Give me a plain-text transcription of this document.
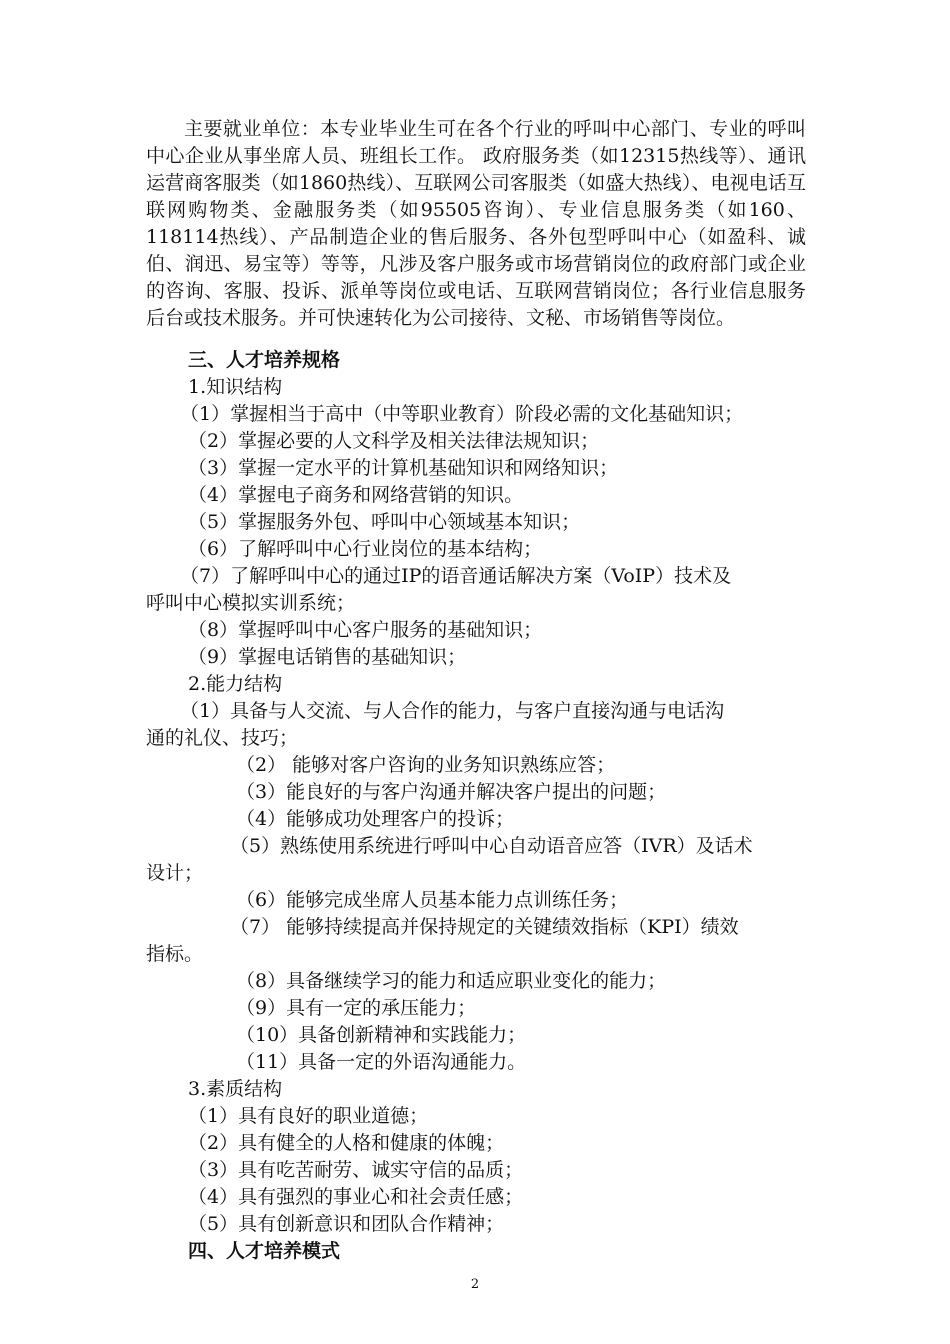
主要就业单位：本专业毕业生可在各个行业的呼叫中心部门、专业的呼叫中心企业从事坐席人员、班组长工作。 政府服务类（如12315热线等）、通讯运营商客服类（如1860热线）、互联网公司客服类（如盛大热线）、电视电话互联网购物类、金融服务类（如95505咨询）、专业信息服务类（如160、118114热线）、产品制造企业的售后服务、各外包型呼叫中心（如盈科、诚伯、润迅、易宝等）等等，凡涉及客户服务或市场营销岗位的政府部门或企业的咨询、客服、投诉、派单等岗位或电话、互联网营销岗位；各行业信息服务后台或技术服务。并可快速转化为公司接待、文秘、市场销售等岗位。
三、人才培养规格
1.知识结构
（1）掌握相当于高中（中等职业教育）阶段必需的文化基础知识；
（2）掌握必要的人文科学及相关法律法规知识；
（3）掌握一定水平的计算机基础知识和网络知识；
（4）掌握电子商务和网络营销的知识。
（5）掌握服务外包、呼叫中心领域基本知识；
（6）了解呼叫中心行业岗位的基本结构；
（7）了解呼叫中心的通过IP的语音通话解决方案（VoIP）技术及
呼叫中心模拟实训系统；
（8）掌握呼叫中心客户服务的基础知识；
（9）掌握电话销售的基础知识；
2.能力结构
（1）具备与人交流、与人合作的能力，与客户直接沟通与电话沟
通的礼仪、技巧；
（2） 能够对客户咨询的业务知识熟练应答；
（3）能良好的与客户沟通并解决客户提出的问题；
（4）能够成功处理客户的投诉；
（5）熟练使用系统进行呼叫中心自动语音应答（IVR）及话术
设计；
（6）能够完成坐席人员基本能力点训练任务；
（7） 能够持续提高并保持规定的关键绩效指标（KPI）绩效
指标。
（8）具备继续学习的能力和适应职业变化的能力；
（9）具有一定的承压能力；
（10）具备创新精神和实践能力；
（11）具备一定的外语沟通能力。
3.素质结构
（1）具有良好的职业道德；
（2）具有健全的人格和健康的体魄；
（3）具有吃苦耐劳、诚实守信的品质；
（4）具有强烈的事业心和社会责任感；
（5）具有创新意识和团队合作精神；
四、人才培养模式
2
